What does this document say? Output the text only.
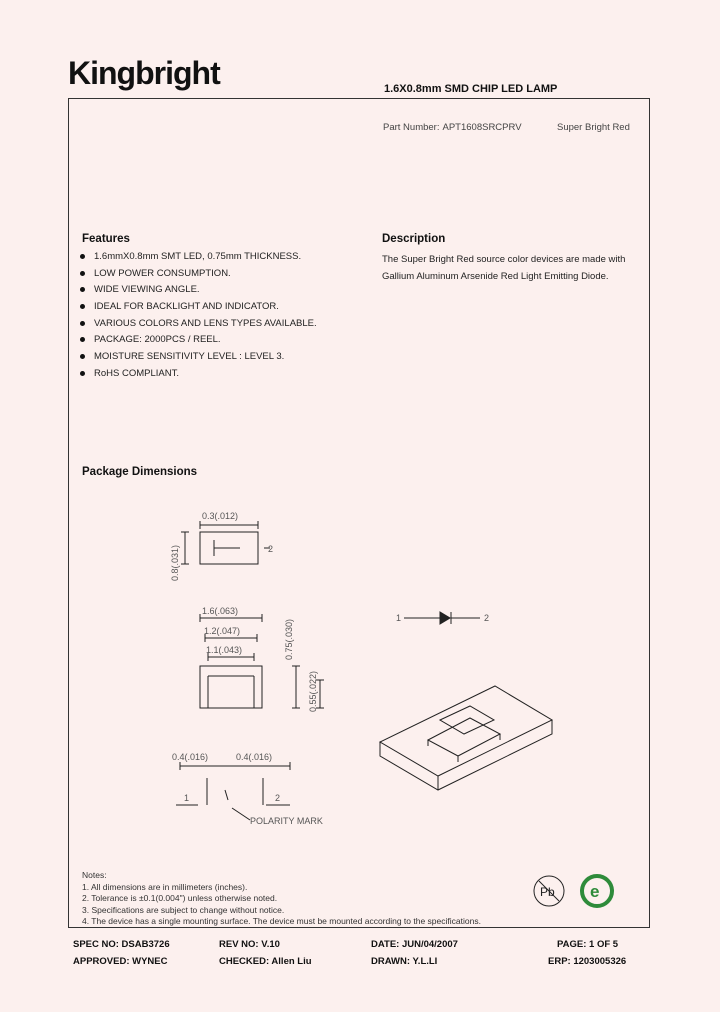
Kingbright	1.6X0.8mm SMD CHIP LED LAMP
Part Number: APT1608SRCPRV	Super Bright Red
Features
1.6mmX0.8mm SMT LED, 0.75mm THICKNESS.
LOW POWER CONSUMPTION.
WIDE VIEWING ANGLE.
IDEAL FOR BACKLIGHT AND INDICATOR.
VARIOUS COLORS AND LENS TYPES AVAILABLE.
PACKAGE: 2000PCS / REEL.
MOISTURE SENSITIVITY LEVEL : LEVEL 3.
RoHS COMPLIANT.
Description
The Super Bright Red source color devices are made with Gallium Aluminum Arsenide Red Light Emitting Diode.
Package Dimensions
0.3(.012)
0.8(.031)
1.6(.063)
1.2(.047)
1.1(.043)	0.75(.030)
0.55(.022)
0.4(.016)	0.4(.016)
1	2
POLARITY MARK
2
1	2
Notes:
1. All dimensions are in millimeters (inches).
2. Tolerance is ±0.1(0.004") unless otherwise noted.
3. Specifications are subject to change without notice.
4. The device has a single mounting surface. The device must be mounted according to the specifications.
Pb e
SPEC NO: DSAB3726	REV NO: V.10	DATE: JUN/04/2007	PAGE: 1 OF 5
APPROVED: WYNEC	CHECKED: Allen Liu	DRAWN: Y.L.LI	ERP: 1203005326
